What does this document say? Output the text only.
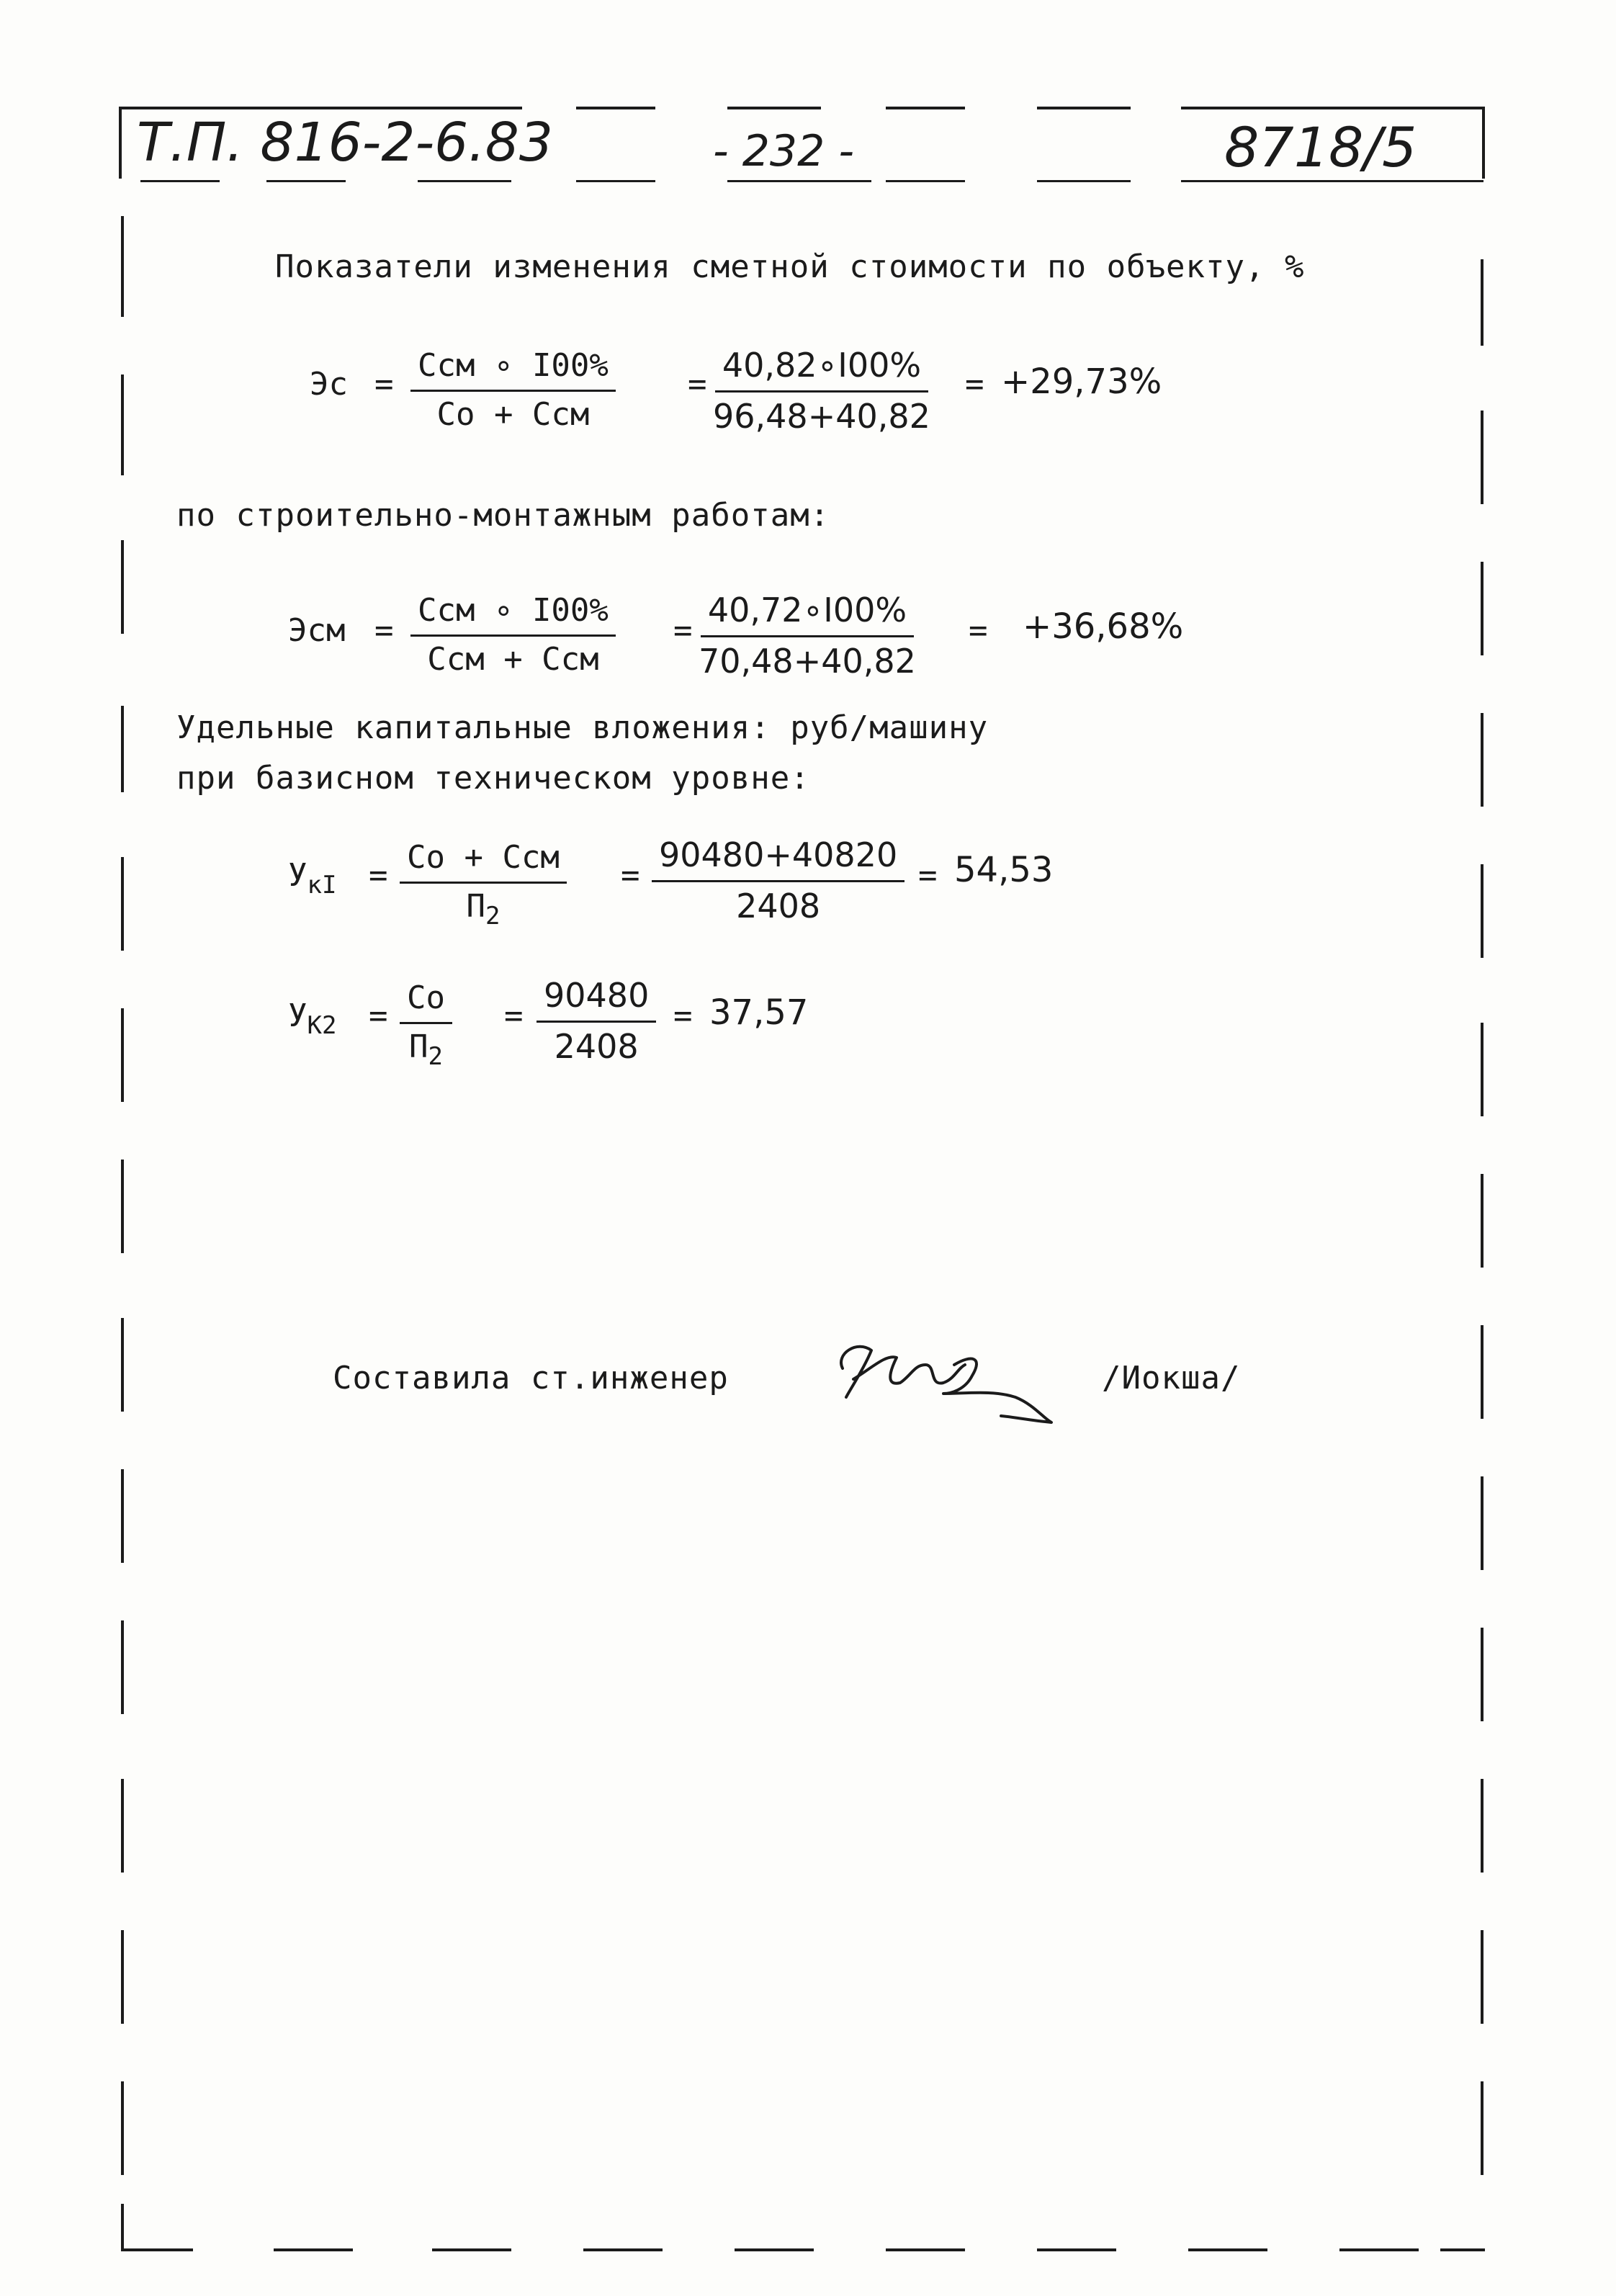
Т.П. 816-2-6.83	- 232 -	8718/5
Показатели изменения сметной стоимости по объекту, %
Эс =
Ссм ∘ I00%
Со + Ссм
= $\frac{40,82\circ I00\%}{96,48+40,82} = +29,73\%$
по строительно-монтажным работам:
Эсм =
Ссм ∘ I00%
Ссм + Ссм
= $\frac{40,72\circ I00\%}{70,48+40,82} = +36,68\%$
Удельные капитальные вложения: руб/машину
при базисном техническом уровне:
$У_{кI}$ = Со + Ссм
$П_2$
= $\frac{90480+40820}{2408} = 54,53$
$У_{К2}$ = Со
$П_2$
= $\frac{90480}{2408} = 37,57$
Составила ст.инженер	/Иокша/
